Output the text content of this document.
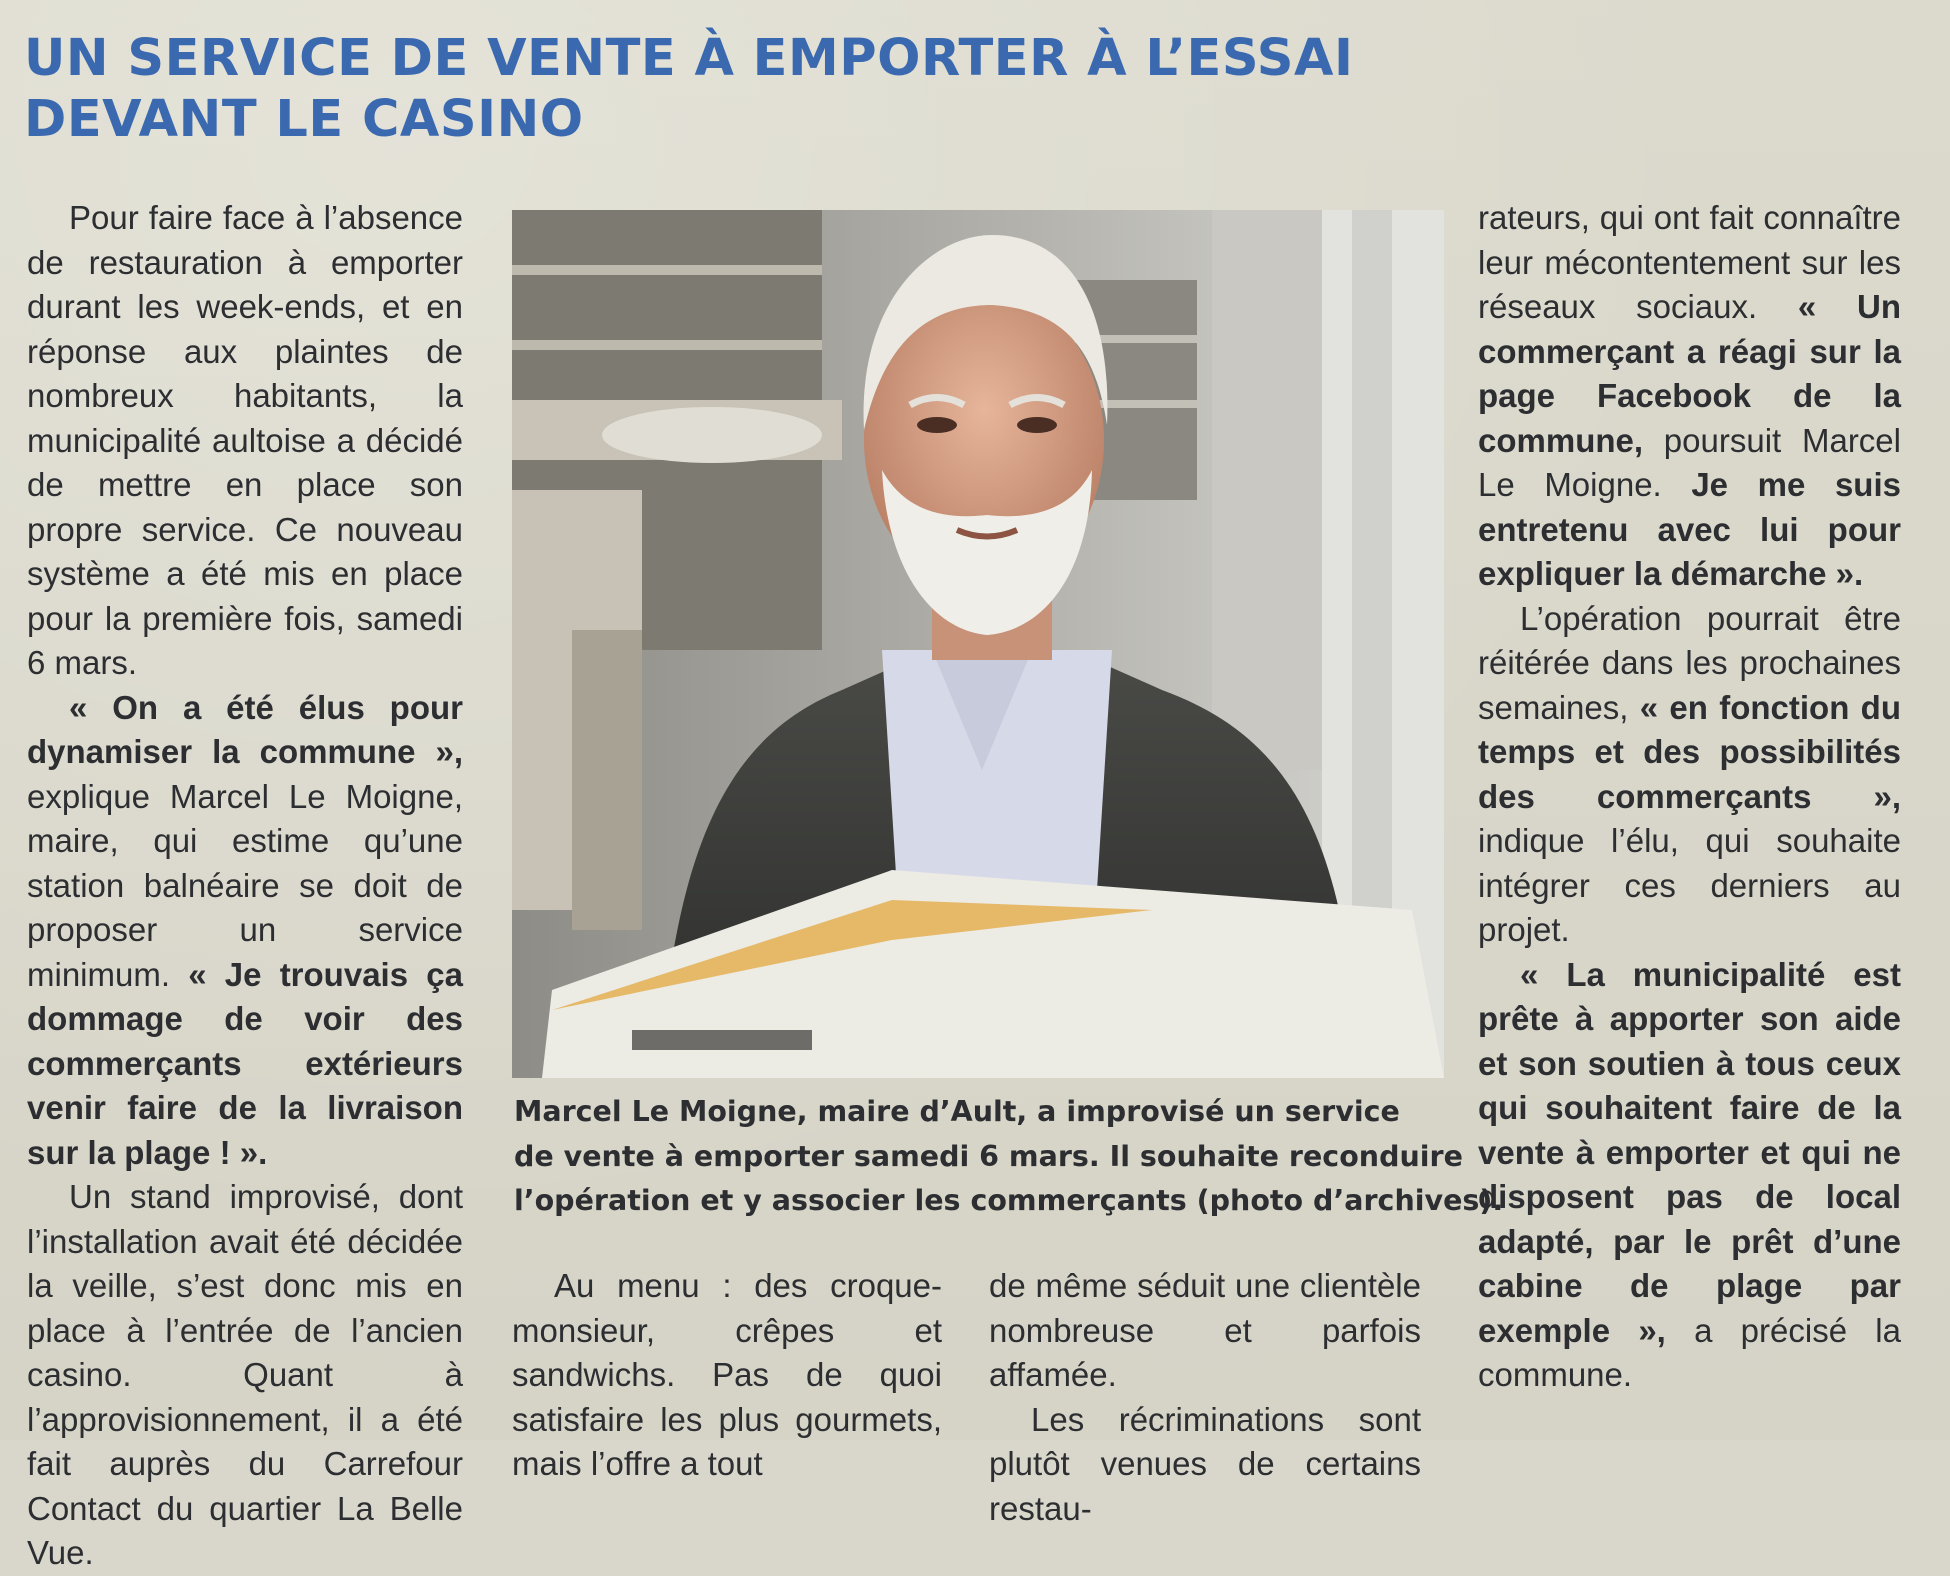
UN SERVICE DE VENTE À EMPORTER À L’ESSAI
DEVANT LE CASINO

Pour faire face à l’absence de restauration à emporter durant les week-ends, et en réponse aux plaintes de nombreux habitants, la municipalité aultoise a décidé de mettre en place son propre service. Ce nouveau système a été mis en place pour la première fois, samedi 6 mars.

« On a été élus pour dynamiser la commune », explique Marcel Le Moigne, maire, qui estime qu’une station balnéaire se doit de proposer un service minimum. « Je trouvais ça dommage de voir des commerçants extérieurs venir faire de la livraison sur la plage ! ».

Un stand improvisé, dont l’installation avait été décidée la veille, s’est donc mis en place à l’entrée de l’ancien casino. Quant à l’approvisionnement, il a été fait auprès du Carrefour Contact du quartier La Belle Vue.

Marcel Le Moigne, maire d’Ault, a improvisé un service
de vente à emporter samedi 6 mars. Il souhaite reconduire
l’opération et y associer les commerçants (photo d’archives).

Au menu : des croque-monsieur, crêpes et sandwichs. Pas de quoi satisfaire les plus gourmets, mais l’offre a tout

de même séduit une clientèle nombreuse et parfois affamée.

Les récriminations sont plutôt venues de certains restau-

rateurs, qui ont fait connaître leur mécontentement sur les réseaux sociaux. « Un commerçant a réagi sur la page Facebook de la commune, poursuit Marcel Le Moigne. Je me suis entretenu avec lui pour expliquer la démarche ».

L’opération pourrait être réitérée dans les prochaines semaines, « en fonction du temps et des possibilités des commerçants », indique l’élu, qui souhaite intégrer ces derniers au projet.

« La municipalité est prête à apporter son aide et son soutien à tous ceux qui souhaitent faire de la vente à emporter et qui ne disposent pas de local adapté, par le prêt d’une cabine de plage par exemple », a précisé la commune.
